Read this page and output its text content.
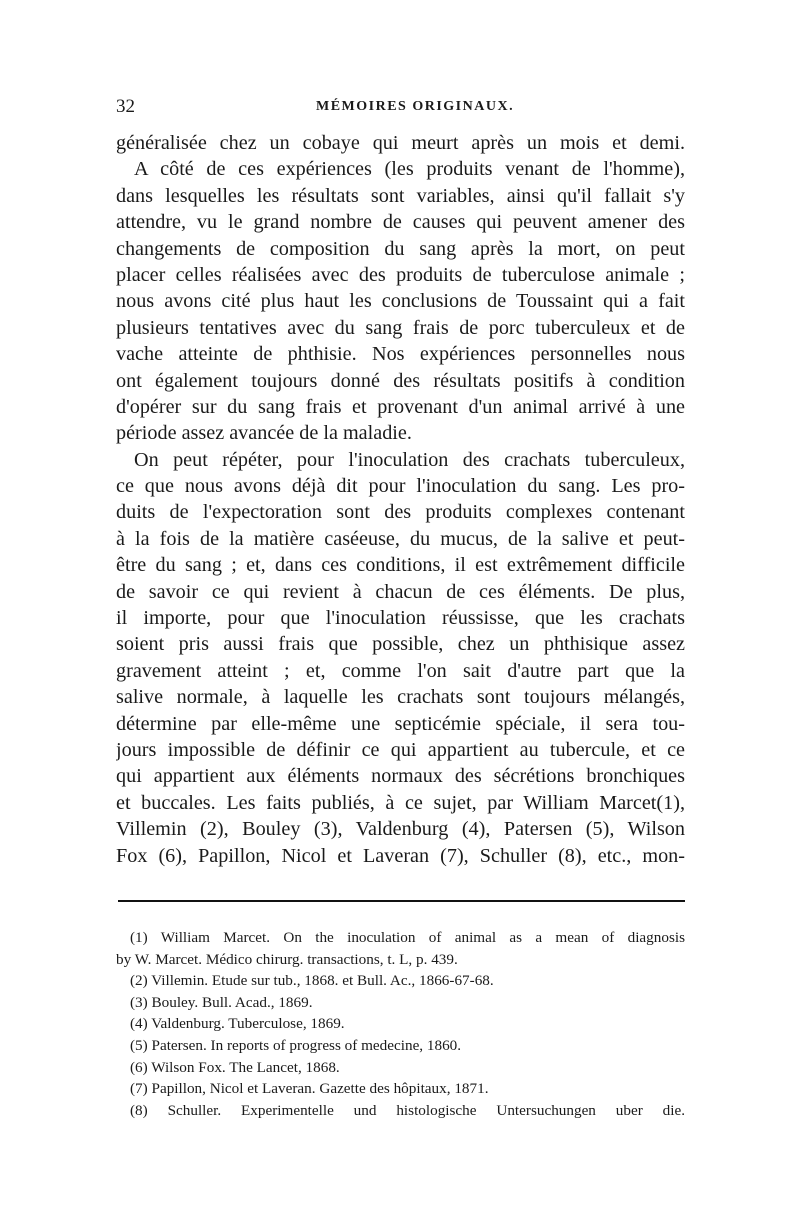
32	MÉMOIRES ORIGINAUX.
généralisée chez un cobaye qui meurt après un mois et demi.
A côté de ces expériences (les produits venant de l'homme),
dans lesquelles les résultats sont variables, ainsi qu'il fallait s'y
attendre, vu le grand nombre de causes qui peuvent amener des
changements de composition du sang après la mort, on peut
placer celles réalisées avec des produits de tuberculose animale ;
nous avons cité plus haut les conclusions de Toussaint qui a fait
plusieurs tentatives avec du sang frais de porc tuberculeux et de
vache atteinte de phthisie. Nos expériences personnelles nous
ont également toujours donné des résultats positifs à condition
d'opérer sur du sang frais et provenant d'un animal arrivé à une
période assez avancée de la maladie.
On peut répéter, pour l'inoculation des crachats tuberculeux,
ce que nous avons déjà dit pour l'inoculation du sang. Les pro-
duits de l'expectoration sont des produits complexes contenant
à la fois de la matière caséeuse, du mucus, de la salive et peut-
être du sang ; et, dans ces conditions, il est extrêmement difficile
de savoir ce qui revient à chacun de ces éléments. De plus,
il importe, pour que l'inoculation réussisse, que les crachats
soient pris aussi frais que possible, chez un phthisique assez
gravement atteint ; et, comme l'on sait d'autre part que la
salive normale, à laquelle les crachats sont toujours mélangés,
détermine par elle-même une septicémie spéciale, il sera tou-
jours impossible de définir ce qui appartient au tubercule, et ce
qui appartient aux éléments normaux des sécrétions bronchiques
et buccales. Les faits publiés, à ce sujet, par William Marcet(1),
Villemin (2), Bouley (3), Valdenburg (4), Patersen (5), Wilson
Fox (6), Papillon, Nicol et Laveran (7), Schuller (8), etc., mon-
(1) William Marcet. On the inoculation of animal as a mean of diagnosis
by W. Marcet. Médico chirurg. transactions, t. L, p. 439.
(2) Villemin. Etude sur tub., 1868. et Bull. Ac., 1866-67-68.
(3) Bouley. Bull. Acad., 1869.
(4) Valdenburg. Tuberculose, 1869.
(5) Patersen. In reports of progress of medecine, 1860.
(6) Wilson Fox. The Lancet, 1868.
(7) Papillon, Nicol et Laveran. Gazette des hôpitaux, 1871.
(8) Schuller. Experimentelle und histologische Untersuchungen uber die.
